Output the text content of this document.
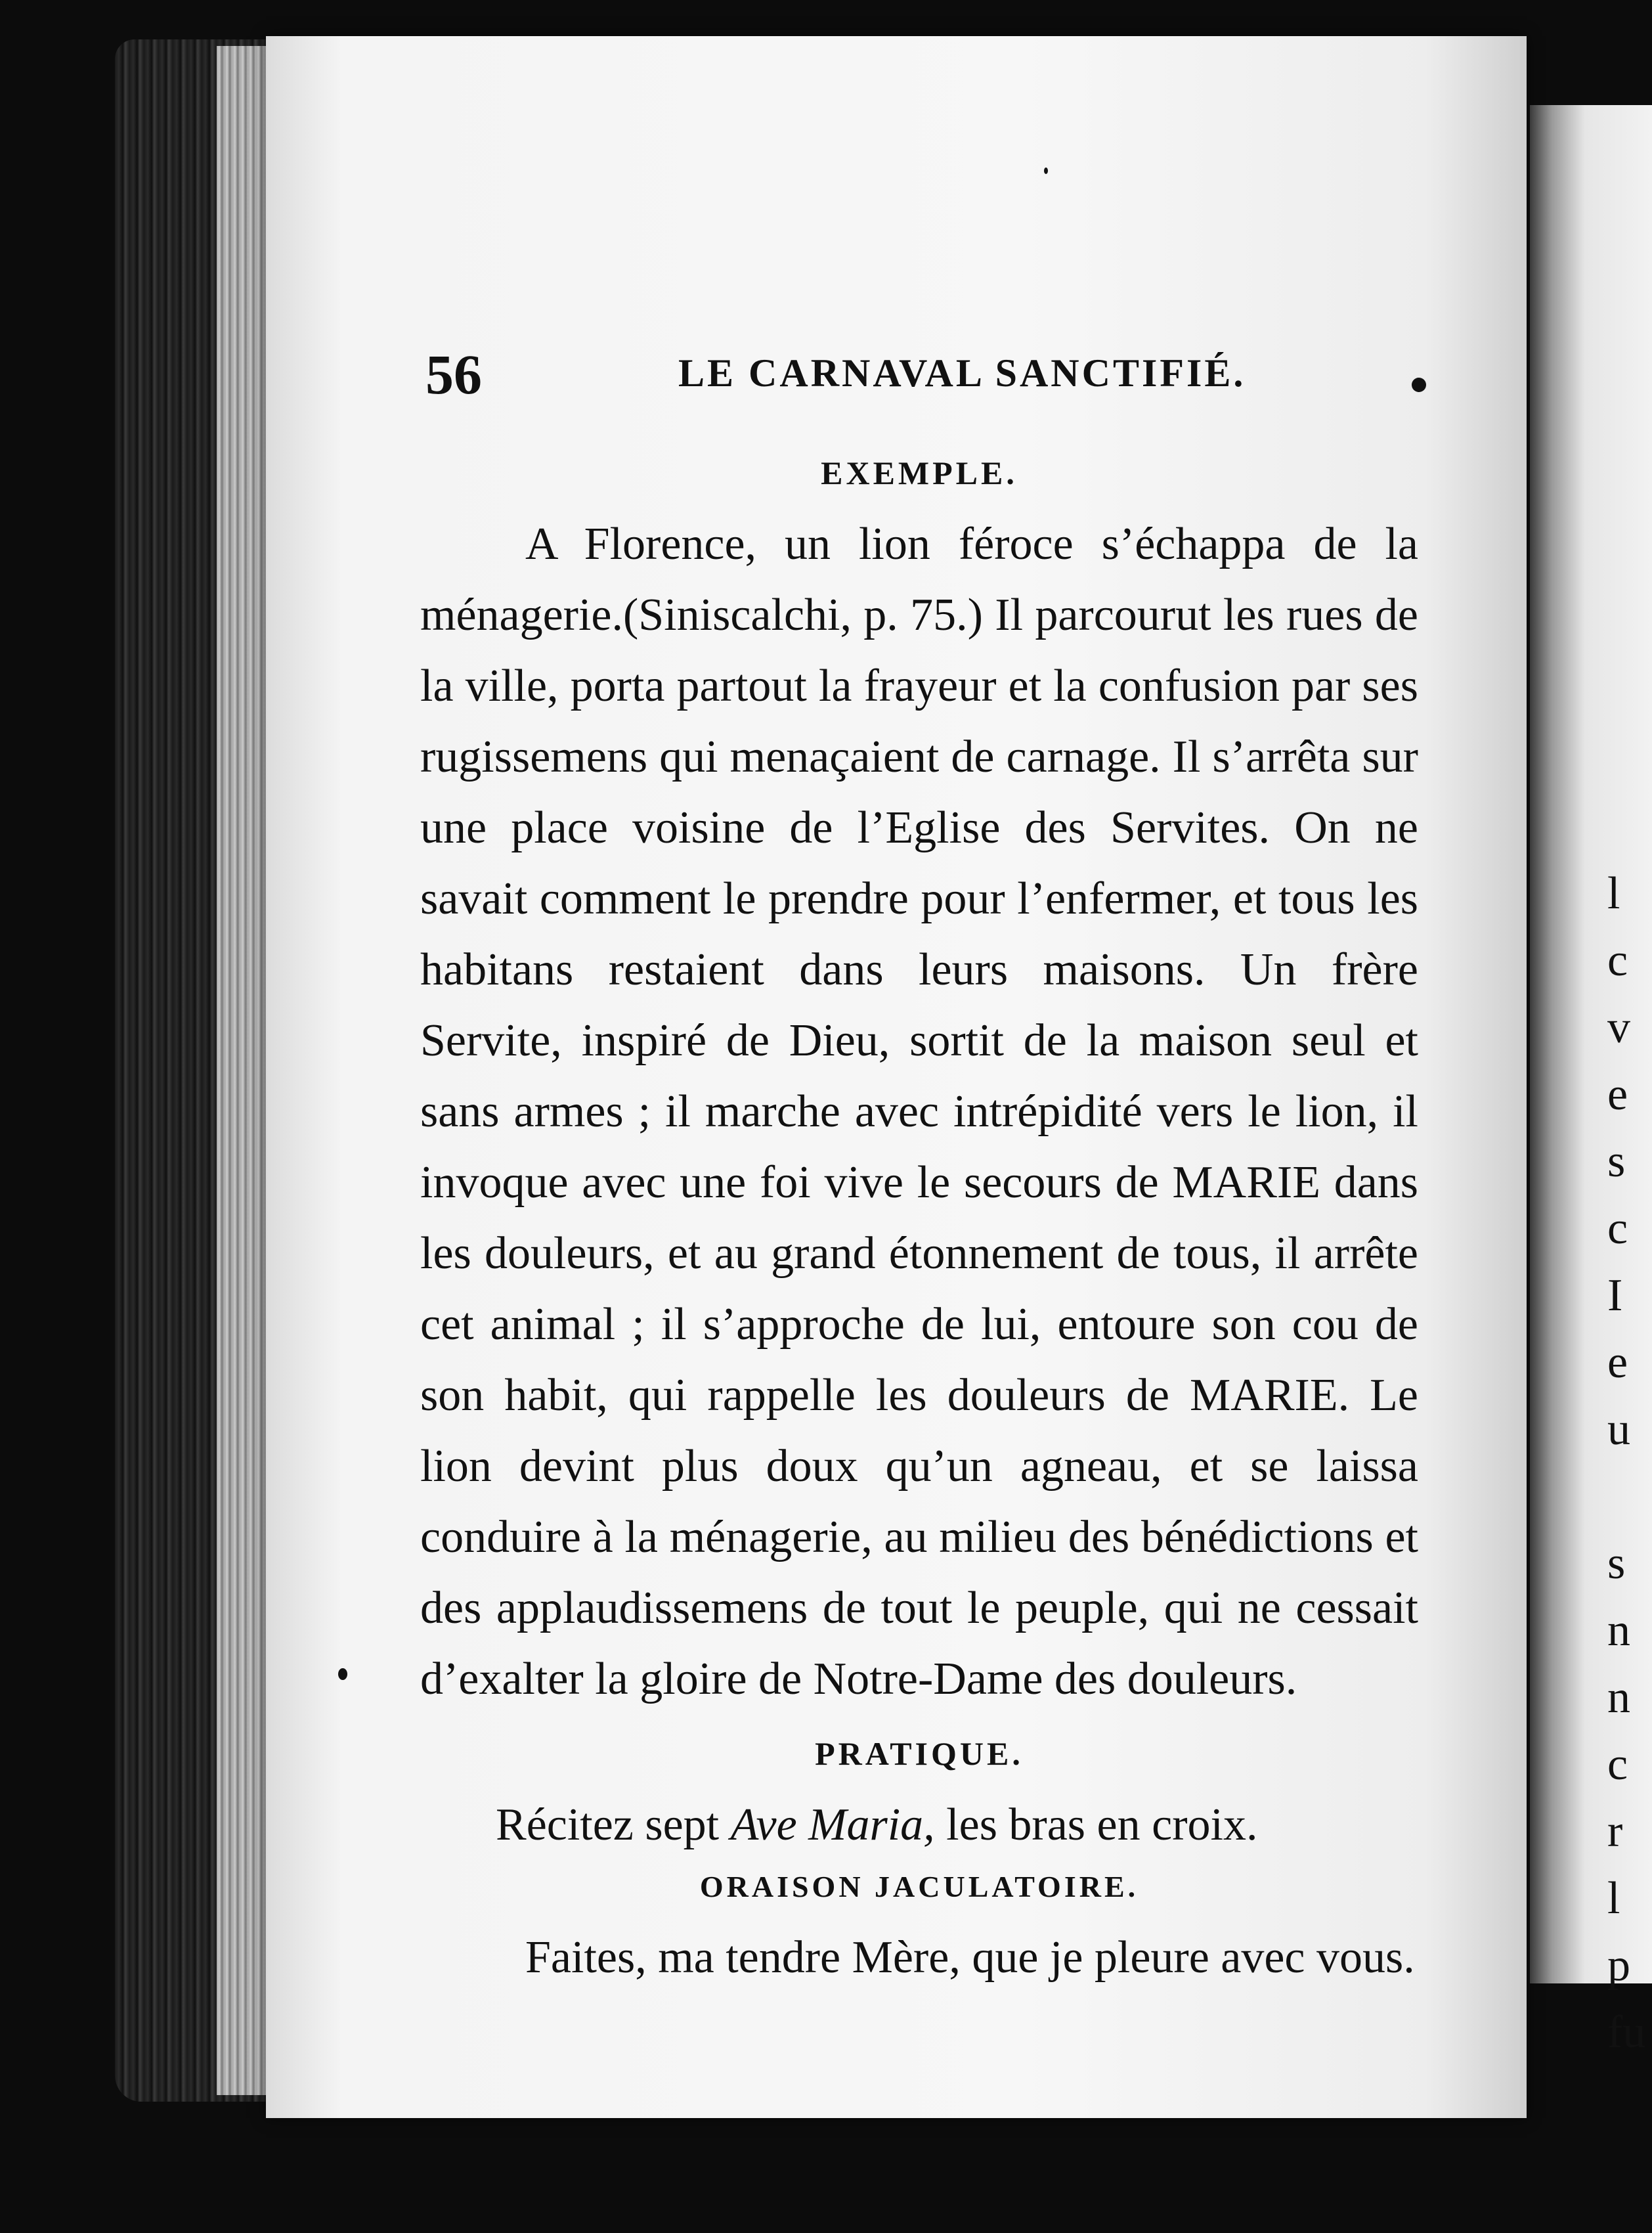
l
c
v
e
s
c
I
e
u

s
n
n
c
r
l
p
fu
56	LE CARNAVAL SANCTIFIÉ.

EXEMPLE.

A Florence, un lion féroce s’échappa de la ménagerie.(Siniscalchi, p. 75.) Il parcourut les rues de la ville, porta partout la frayeur et la confusion par ses rugissemens qui menaçaient de carnage. Il s’arrêta sur une place voisine de l’Eglise des Servites. On ne savait comment le prendre pour l’enfermer, et tous les habitans restaient dans leurs maisons. Un frère Servite, inspiré de Dieu, sortit de la maison seul et sans armes ; il marche avec intrépidité vers le lion, il invoque avec une foi vive le secours de MARIE dans les douleurs, et au grand étonnement de tous, il arrête cet animal ; il s’approche de lui, entoure son cou de son habit, qui rappelle les douleurs de MARIE. Le lion devint plus doux qu’un agneau, et se laissa conduire à la ménagerie, au milieu des bénédictions et des applaudissemens de tout le peuple, qui ne cessait d’exalter la gloire de Notre-Dame des douleurs.

PRATIQUE.

Récitez sept Ave Maria, les bras en croix.

ORAISON JACULATOIRE.

Faites, ma tendre Mère, que je pleure avec vous.
